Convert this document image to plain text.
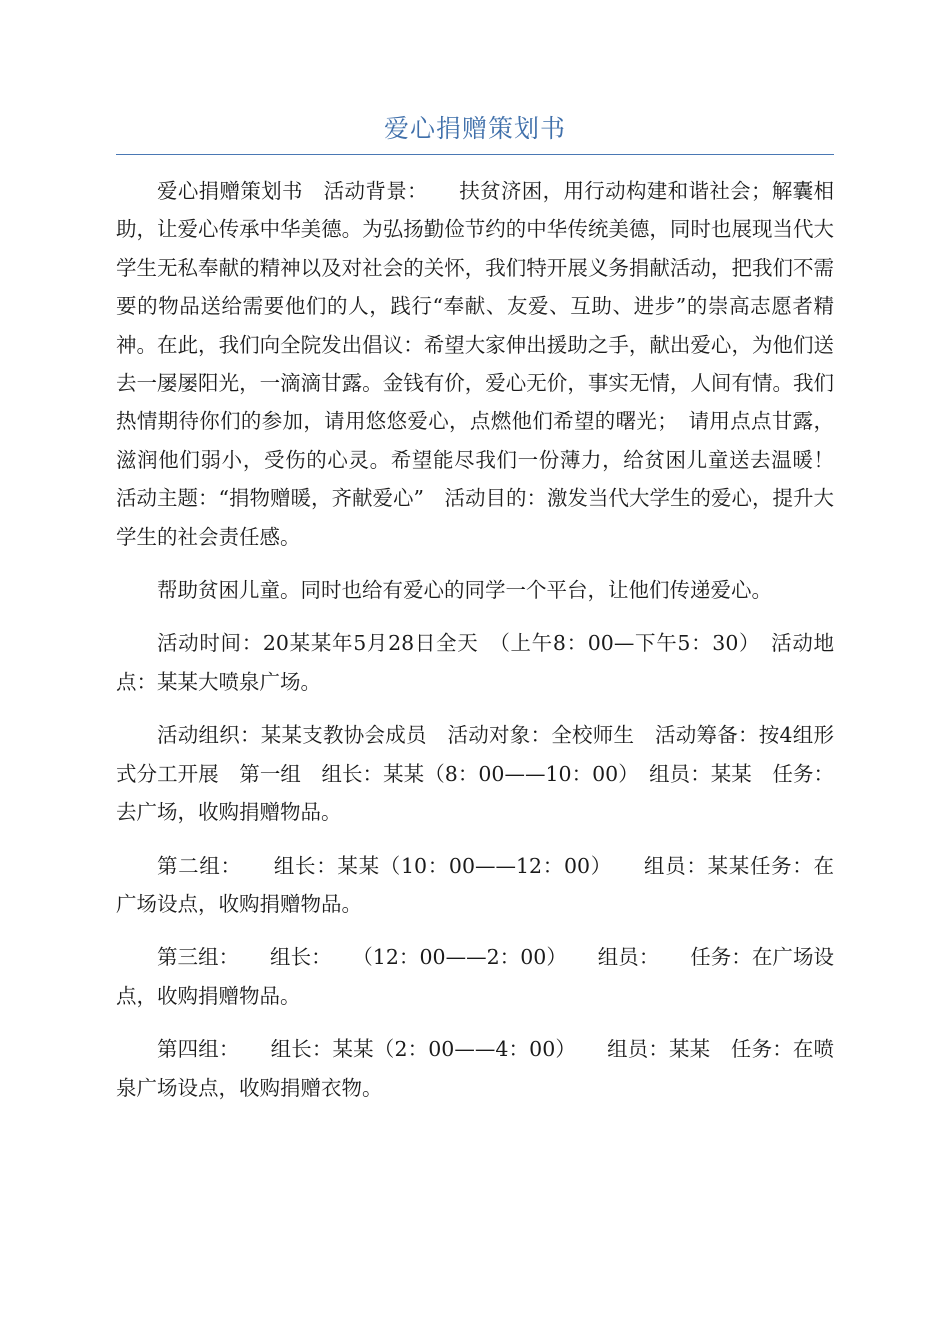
爱心捐赠策划书

爱心捐赠策划书　活动背景：　　扶贫济困，用行动构建和谐社会；解囊相助，让爱心传承中华美德。为弘扬勤俭节约的中华传统美德，同时也展现当代大学生无私奉献的精神以及对社会的关怀，我们特开展义务捐献活动，把我们不需要的物品送给需要他们的人，践行“奉献、友爱、互助、进步”的崇高志愿者精神。在此，我们向全院发出倡议：希望大家伸出援助之手，献出爱心，为他们送去一屡屡阳光，一滴滴甘露。金钱有价，爱心无价，事实无情，人间有情。我们热情期待你们的参加，请用悠悠爱心，点燃他们希望的曙光；　请用点点甘露，滋润他们弱小，受伤的心灵。希望能尽我们一份薄力，给贫困儿童送去温暖！　活动主题：“捐物赠暖，齐献爱心”　活动目的：激发当代大学生的爱心，提升大学生的社会责任感。

帮助贫困儿童。同时也给有爱心的同学一个平台，让他们传递爱心。

活动时间：20某某年5月28日全天　（上午8：00—下午5：30）　活动地点：某某大喷泉广场。

活动组织：某某支教协会成员　活动对象：全校师生　活动筹备：按4组形式分工开展　第一组　组长：某某（8：00——10：00）　组员：某某　任务：去广场，收购捐赠物品。

第二组：　　组长：某某（10：00——12：00）　　组员：某某任务：在广场设点，收购捐赠物品。

第三组：　　组长：　　（12：00——2：00）　　组员：　　任务：在广场设点，收购捐赠物品。

第四组：　　组长：某某（2：00——4：00）　　组员：某某　任务：在喷泉广场设点，收购捐赠衣物。
